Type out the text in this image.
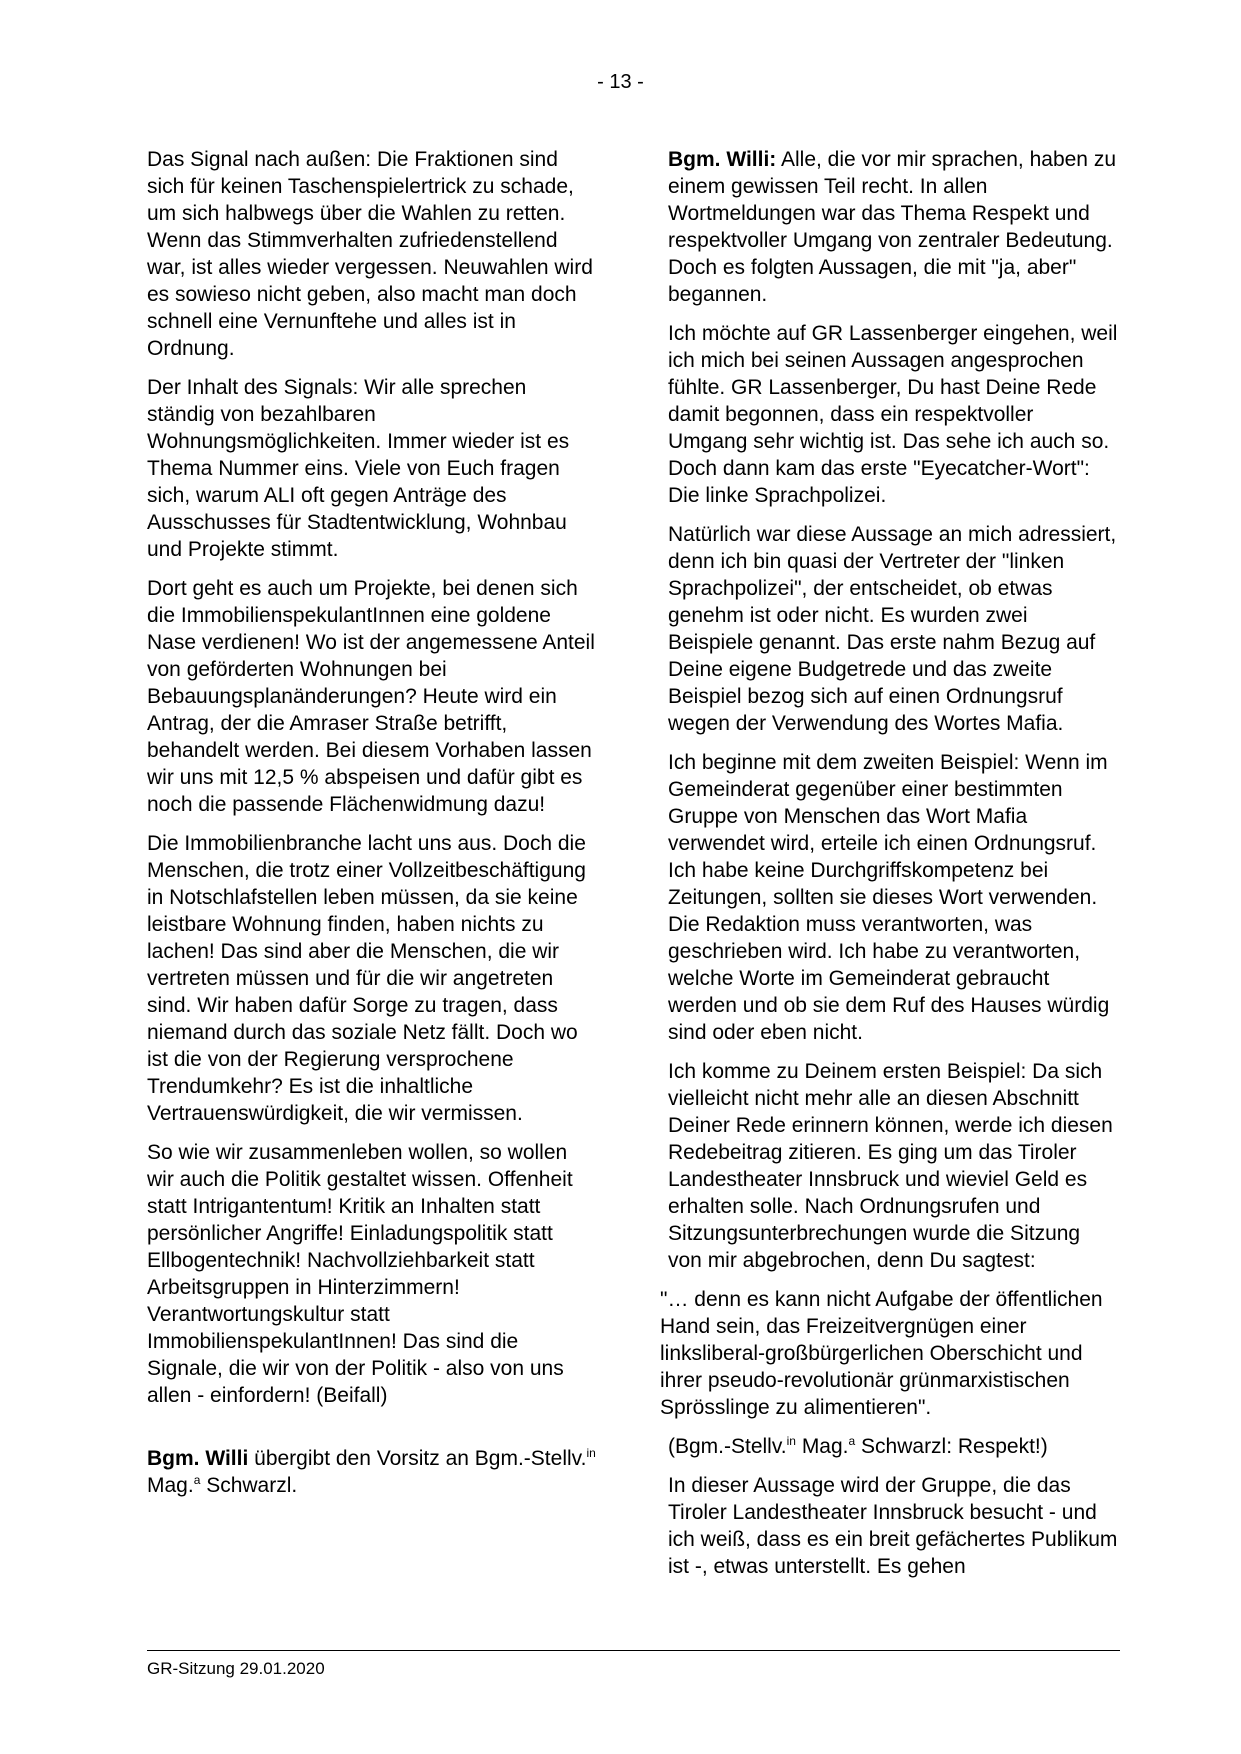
- 13 -

Das Signal nach außen: Die Fraktionen sind sich für keinen Taschenspielertrick zu schade, um sich halbwegs über die Wahlen zu retten. Wenn das Stimmverhalten zufriedenstellend war, ist alles wieder vergessen. Neuwahlen wird es sowieso nicht geben, also macht man doch schnell eine Vernunftehe und alles ist in Ordnung.

Der Inhalt des Signals: Wir alle sprechen ständig von bezahlbaren Wohnungsmöglichkeiten. Immer wieder ist es Thema Nummer eins. Viele von Euch fragen sich, warum ALI oft gegen Anträge des Ausschusses für Stadtentwicklung, Wohnbau und Projekte stimmt.

Dort geht es auch um Projekte, bei denen sich die ImmobilienspekulantInnen eine goldene Nase verdienen! Wo ist der angemessene Anteil von geförderten Wohnungen bei Bebauungsplanänderungen? Heute wird ein Antrag, der die Amraser Straße betrifft, behandelt werden. Bei diesem Vorhaben lassen wir uns mit 12,5 % abspeisen und dafür gibt es noch die passende Flächenwidmung dazu!

Die Immobilienbranche lacht uns aus. Doch die Menschen, die trotz einer Vollzeitbeschäftigung in Notschlafstellen leben müssen, da sie keine leistbare Wohnung finden, haben nichts zu lachen! Das sind aber die Menschen, die wir vertreten müssen und für die wir angetreten sind. Wir haben dafür Sorge zu tragen, dass niemand durch das soziale Netz fällt. Doch wo ist die von der Regierung versprochene Trendumkehr? Es ist die inhaltliche Vertrauenswürdigkeit, die wir vermissen.

So wie wir zusammenleben wollen, so wollen wir auch die Politik gestaltet wissen. Offenheit statt Intrigantentum! Kritik an Inhalten statt persönlicher Angriffe! Einladungspolitik statt Ellbogentechnik! Nachvollziehbarkeit statt Arbeitsgruppen in Hinterzimmern! Verantwortungskultur statt ImmobilienspekulantInnen! Das sind die Signale, die wir von der Politik - also von uns allen - einfordern! (Beifall)

Bgm. Willi übergibt den Vorsitz an Bgm.-Stellv.$^{in}$ Mag.$^a$ Schwarzl.

Bgm. Willi: Alle, die vor mir sprachen, haben zu einem gewissen Teil recht. In allen Wortmeldungen war das Thema Respekt und respektvoller Umgang von zentraler Bedeutung. Doch es folgten Aussagen, die mit "ja, aber" begannen.

Ich möchte auf GR Lassenberger eingehen, weil ich mich bei seinen Aussagen angesprochen fühlte. GR Lassenberger, Du hast Deine Rede damit begonnen, dass ein respektvoller Umgang sehr wichtig ist. Das sehe ich auch so. Doch dann kam das erste "Eyecatcher-Wort": Die linke Sprachpolizei.

Natürlich war diese Aussage an mich adressiert, denn ich bin quasi der Vertreter der "linken Sprachpolizei", der entscheidet, ob etwas genehm ist oder nicht. Es wurden zwei Beispiele genannt. Das erste nahm Bezug auf Deine eigene Budgetrede und das zweite Beispiel bezog sich auf einen Ordnungsruf wegen der Verwendung des Wortes Mafia.

Ich beginne mit dem zweiten Beispiel: Wenn im Gemeinderat gegenüber einer bestimmten Gruppe von Menschen das Wort Mafia verwendet wird, erteile ich einen Ordnungsruf. Ich habe keine Durchgriffskompetenz bei Zeitungen, sollten sie dieses Wort verwenden. Die Redaktion muss verantworten, was geschrieben wird. Ich habe zu verantworten, welche Worte im Gemeinderat gebraucht werden und ob sie dem Ruf des Hauses würdig sind oder eben nicht.

Ich komme zu Deinem ersten Beispiel: Da sich vielleicht nicht mehr alle an diesen Abschnitt Deiner Rede erinnern können, werde ich diesen Redebeitrag zitieren. Es ging um das Tiroler Landestheater Innsbruck und wieviel Geld es erhalten solle. Nach Ordnungsrufen und Sitzungsunterbrechungen wurde die Sitzung von mir abgebrochen, denn Du sagtest:

"… denn es kann nicht Aufgabe der öffentlichen Hand sein, das Freizeitvergnügen einer linksliberal-großbürgerlichen Oberschicht und ihrer pseudo-revolutionär grünmarxistischen Sprösslinge zu alimentieren".

(Bgm.-Stellv.$^{in}$ Mag.$^a$ Schwarzl: Respekt!)

In dieser Aussage wird der Gruppe, die das Tiroler Landestheater Innsbruck besucht - und ich weiß, dass es ein breit gefächertes Publikum ist -, etwas unterstellt. Es gehen

GR-Sitzung 29.01.2020
